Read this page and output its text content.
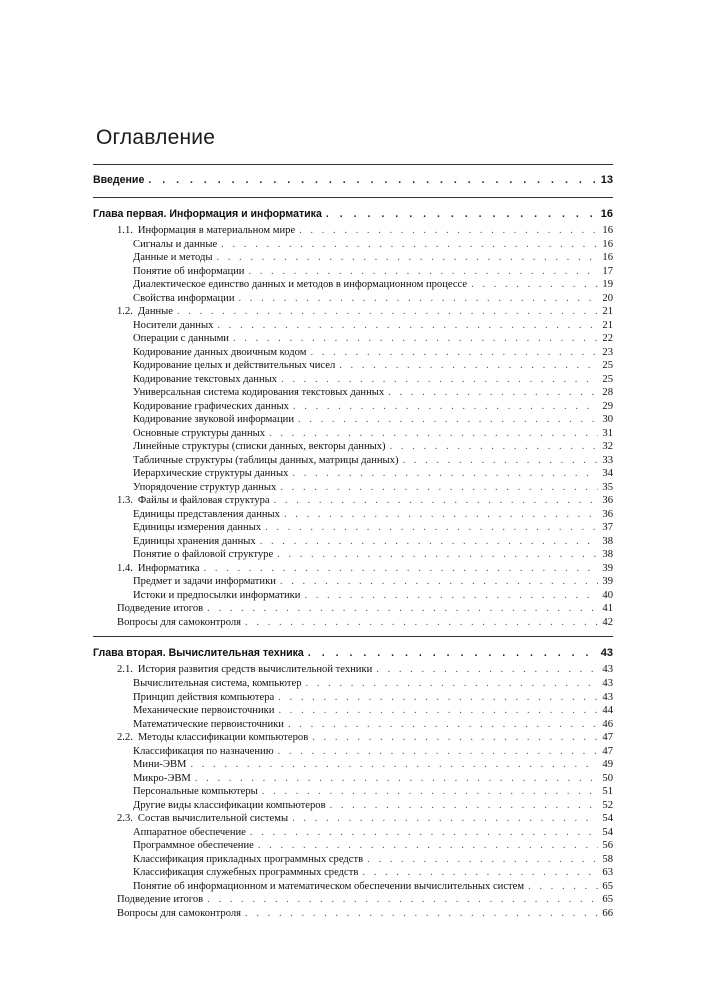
Оглавление
Введение . . .	13
Глава первая. Информация и информатика . . .	16
1.1. Информация в материальном мире . . .	16
Сигналы и данные . . .	16
Данные и методы . . .	16
Понятие об информации . . .	17
Диалектическое единство данных и методов в информационном процессе . . .	19
Свойства информации . . .	20
1.2. Данные . . .	21
Носители данных . . .	21
Операции с данными . . .	22
Кодирование данных двоичным кодом . . .	23
Кодирование целых и действительных чисел . . .	25
Кодирование текстовых данных . . .	25
Универсальная система кодирования текстовых данных . . .	28
Кодирование графических данных . . .	29
Кодирование звуковой информации . . .	30
Основные структуры данных . . .	31
Линейные структуры (списки данных, векторы данных) . . .	32
Табличные структуры (таблицы данных, матрицы данных) . . .	33
Иерархические структуры данных . . .	34
Упорядочение структур данных . . .	35
1.3. Файлы и файловая структура . . .	36
Единицы представления данных . . .	36
Единицы измерения данных . . .	37
Единицы хранения данных . . .	38
Понятие о файловой структуре . . .	38
1.4. Информатика . . .	39
Предмет и задачи информатики . . .	39
Истоки и предпосылки информатики . . .	40
Подведение итогов . . .	41
Вопросы для самоконтроля . . .	42
Глава вторая. Вычислительная техника . . .	43
2.1. История развития средств вычислительной техники . . .	43
Вычислительная система, компьютер . . .	43
Принцип действия компьютера . . .	43
Механические первоисточники . . .	44
Математические первоисточники . . .	46
2.2. Методы классификации компьютеров . . .	47
Классификация по назначению . . .	47
Мини-ЭВМ . . .	49
Микро-ЭВМ . . .	50
Персональные компьютеры . . .	51
Другие виды классификации компьютеров . . .	52
2.3. Состав вычислительной системы . . .	54
Аппаратное обеспечение . . .	54
Программное обеспечение . . .	56
Классификация прикладных программных средств . . .	58
Классификация служебных программных средств . . .	63
Понятие об информационном и математическом обеспечении вычислительных систем . . .	65
Подведение итогов . . .	65
Вопросы для самоконтроля . . .	66
